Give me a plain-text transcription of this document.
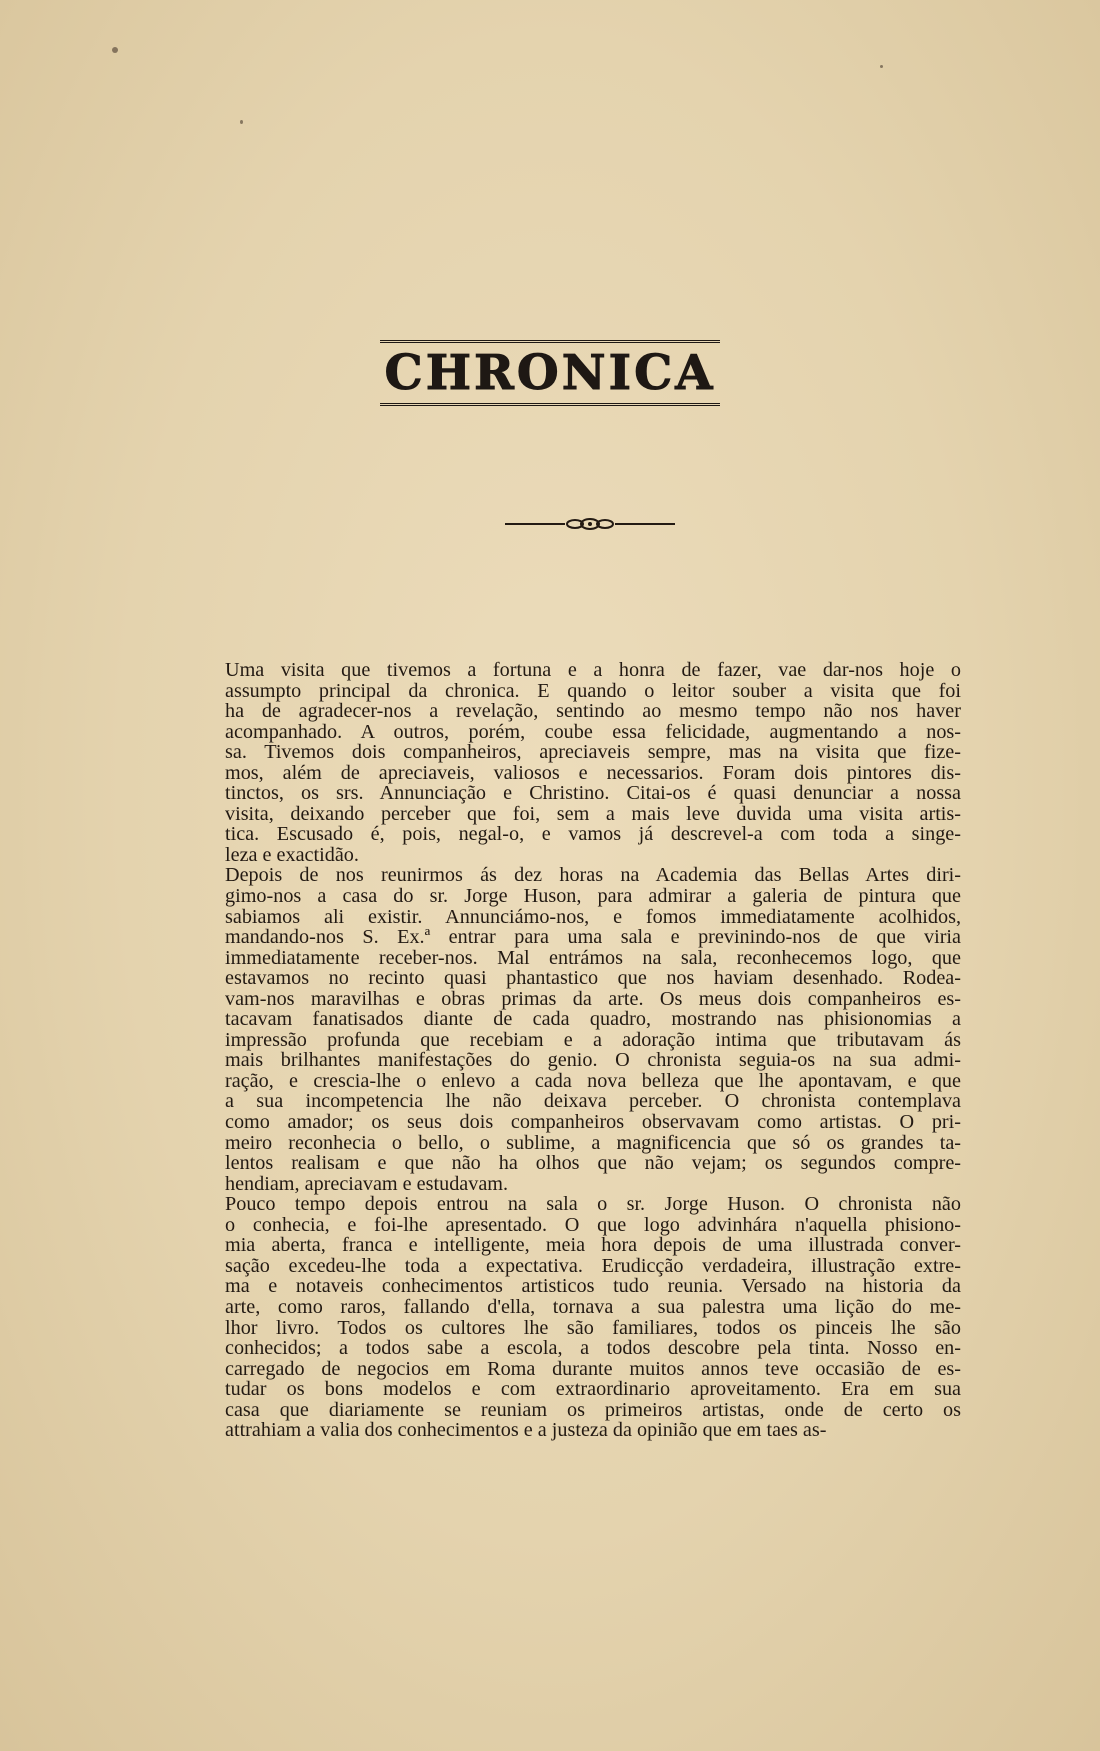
CHRONICA
Uma visita que tivemos a fortuna e a honra de fazer, vae dar-nos hoje o
assumpto principal da chronica. E quando o leitor souber a visita que foi
ha de agradecer-nos a revelação, sentindo ao mesmo tempo não nos haver
acompanhado. A outros, porém, coube essa felicidade, augmentando a nos-
sa. Tivemos dois companheiros, apreciaveis sempre, mas na visita que fize-
mos, além de apreciaveis, valiosos e necessarios. Foram dois pintores dis-
tinctos, os srs. Annunciação e Christino. Citai-os é quasi denunciar a nossa
visita, deixando perceber que foi, sem a mais leve duvida uma visita artis-
tica. Escusado é, pois, negal-o, e vamos já descrevel-a com toda a singe-
leza e exactidão.
Depois de nos reunirmos ás dez horas na Academia das Bellas Artes diri-
gimo-nos a casa do sr. Jorge Huson, para admirar a galeria de pintura que
sabiamos ali existir. Annunciámo-nos, e fomos immediatamente acolhidos,
mandando-nos S. Ex.ª entrar para uma sala e previnindo-nos de que viria
immediatamente receber-nos. Mal entrámos na sala, reconhecemos logo, que
estavamos no recinto quasi phantastico que nos haviam desenhado. Rodea-
vam-nos maravilhas e obras primas da arte. Os meus dois companheiros es-
tacavam fanatisados diante de cada quadro, mostrando nas phisionomias a
impressão profunda que recebiam e a adoração intima que tributavam ás
mais brilhantes manifestações do genio. O chronista seguia-os na sua admi-
ração, e crescia-lhe o enlevo a cada nova belleza que lhe apontavam, e que
a sua incompetencia lhe não deixava perceber. O chronista contemplava
como amador; os seus dois companheiros observavam como artistas. O pri-
meiro reconhecia o bello, o sublime, a magnificencia que só os grandes ta-
lentos realisam e que não ha olhos que não vejam; os segundos compre-
hendiam, apreciavam e estudavam.
Pouco tempo depois entrou na sala o sr. Jorge Huson. O chronista não
o conhecia, e foi-lhe apresentado. O que logo advinhára n'aquella phisiono-
mia aberta, franca e intelligente, meia hora depois de uma illustrada conver-
sação excedeu-lhe toda a expectativa. Erudicção verdadeira, illustração extre-
ma e notaveis conhecimentos artisticos tudo reunia. Versado na historia da
arte, como raros, fallando d'ella, tornava a sua palestra uma lição do me-
lhor livro. Todos os cultores lhe são familiares, todos os pinceis lhe são
conhecidos; a todos sabe a escola, a todos descobre pela tinta. Nosso en-
carregado de negocios em Roma durante muitos annos teve occasião de es-
tudar os bons modelos e com extraordinario aproveitamento. Era em sua
casa que diariamente se reuniam os primeiros artistas, onde de certo os
attrahiam a valia dos conhecimentos e a justeza da opinião que em taes as-
